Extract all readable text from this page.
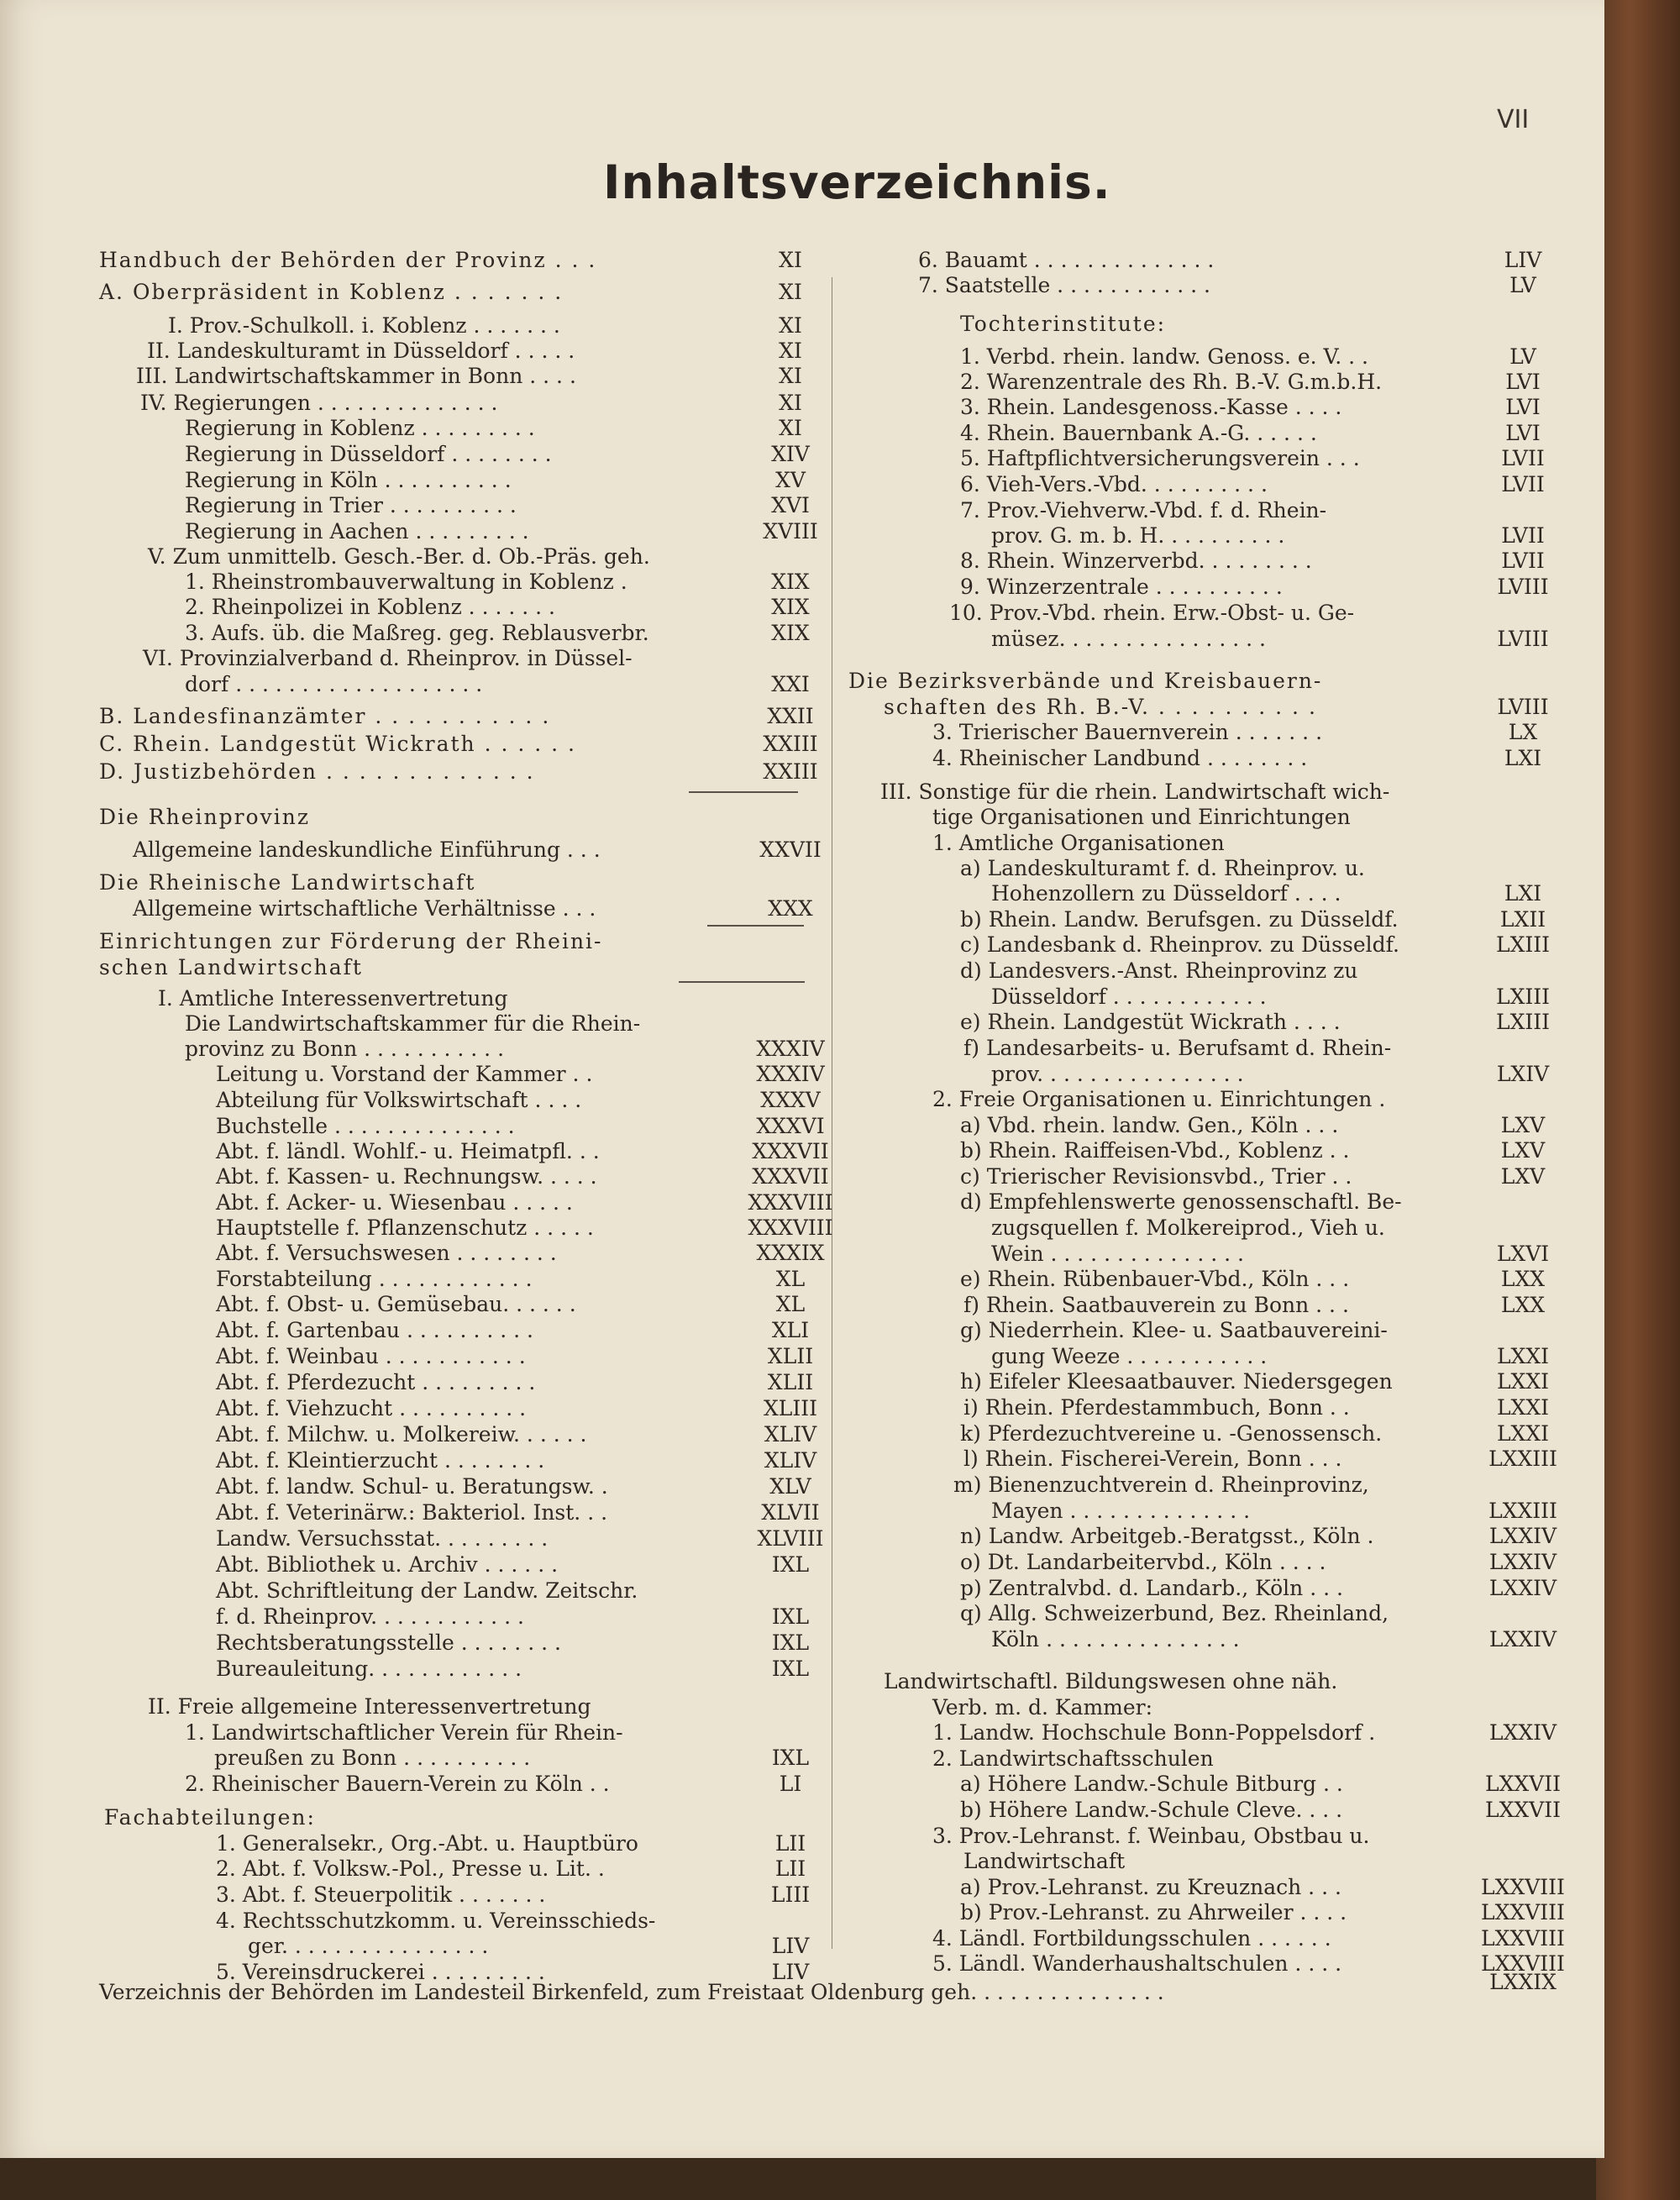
VII
Inhaltsverzeichnis.
Handbuch der Behörden der Provinz . . .	XI
A. Oberpräsident in Koblenz . . . . . . .	XI
I. Prov.-Schulkoll. i. Koblenz . . . . . . .	XI
II. Landeskulturamt in Düsseldorf . . . . .	XI
III. Landwirtschaftskammer in Bonn . . . .	XI
IV. Regierungen . . . . . . . . . . . . . .	XI
Regierung in Koblenz . . . . . . . . .	XI
Regierung in Düsseldorf . . . . . . . .	XIV
Regierung in Köln . . . . . . . . . .	XV
Regierung in Trier . . . . . . . . . .	XVI
Regierung in Aachen . . . . . . . . .	XVIII
V. Zum unmittelb. Gesch.-Ber. d. Ob.-Präs. geh.
1. Rheinstrombauverwaltung in Koblenz .	XIX
2. Rheinpolizei in Koblenz . . . . . . .	XIX
3. Aufs. üb. die Maßreg. geg. Reblausverbr.	XIX
VI. Provinzialverband d. Rheinprov. in Düssel-
dorf . . . . . . . . . . . . . . . . . . .	XXI
B. Landesfinanzämter . . . . . . . . . . .	XXII
C. Rhein. Landgestüt Wickrath . . . . . .	XXIII
D. Justizbehörden . . . . . . . . . . . . .	XXIII
Die Rheinprovinz
Allgemeine landeskundliche Einführung . . .	XXVII
Die Rheinische Landwirtschaft
Allgemeine wirtschaftliche Verhältnisse . . .	XXX
Einrichtungen zur Förderung der Rheini-
schen Landwirtschaft
I. Amtliche Interessenvertretung
Die Landwirtschaftskammer für die Rhein-
provinz zu Bonn . . . . . . . . . . .	XXXIV
Leitung u. Vorstand der Kammer . .	XXXIV
Abteilung für Volkswirtschaft . . . .	XXXV
Buchstelle . . . . . . . . . . . . . .	XXXVI
Abt. f. ländl. Wohlf.- u. Heimatpfl. . .	XXXVII
Abt. f. Kassen- u. Rechnungsw. . . . .	XXXVII
Abt. f. Acker- u. Wiesenbau . . . . .	XXXVIII
Hauptstelle f. Pflanzenschutz . . . . .	XXXVIII
Abt. f. Versuchswesen . . . . . . . .	XXXIX
Forstabteilung . . . . . . . . . . . .	XL
Abt. f. Obst- u. Gemüsebau. . . . . .	XL
Abt. f. Gartenbau . . . . . . . . . .	XLI
Abt. f. Weinbau . . . . . . . . . . .	XLII
Abt. f. Pferdezucht . . . . . . . . .	XLII
Abt. f. Viehzucht . . . . . . . . . .	XLIII
Abt. f. Milchw. u. Molkereiw. . . . . .	XLIV
Abt. f. Kleintierzucht . . . . . . . .	XLIV
Abt. f. landw. Schul- u. Beratungsw. .	XLV
Abt. f. Veterinärw.: Bakteriol. Inst. . .	XLVII
Landw. Versuchsstat. . . . . . . . .	XLVIII
Abt. Bibliothek u. Archiv . . . . . .	IXL
Abt. Schriftleitung der Landw. Zeitschr.
f. d. Rheinprov. . . . . . . . . . . .	IXL
Rechtsberatungsstelle . . . . . . . .	IXL
Bureauleitung. . . . . . . . . . . .	IXL
II. Freie allgemeine Interessenvertretung
1. Landwirtschaftlicher Verein für Rhein-
preußen zu Bonn . . . . . . . . . .	IXL
2. Rheinischer Bauern-Verein zu Köln . .	LI
Fachabteilungen:
1. Generalsekr., Org.-Abt. u. Hauptbüro	LII
2. Abt. f. Volksw.-Pol., Presse u. Lit. .	LII
3. Abt. f. Steuerpolitik . . . . . . .	LIII
4. Rechtsschutzkomm. u. Vereinsschieds-
ger. . . . . . . . . . . . . . . .	LIV
5. Vereinsdruckerei . . . . . . . . .	LIV
6. Bauamt . . . . . . . . . . . . . .	LIV
7. Saatstelle . . . . . . . . . . . .	LV
Tochterinstitute:
1. Verbd. rhein. landw. Genoss. e. V. . .	LV
2. Warenzentrale des Rh. B.-V. G.m.b.H.	LVI
3. Rhein. Landesgenoss.-Kasse . . . .	LVI
4. Rhein. Bauernbank A.-G. . . . . .	LVI
5. Haftpflichtversicherungsverein . . .	LVII
6. Vieh-Vers.-Vbd. . . . . . . . . .	LVII
7. Prov.-Viehverw.-Vbd. f. d. Rhein-
prov. G. m. b. H. . . . . . . . . .	LVII
8. Rhein. Winzerverbd. . . . . . . . .	LVII
9. Winzerzentrale . . . . . . . . . .	LVIII
10. Prov.-Vbd. rhein. Erw.-Obst- u. Ge-
müsez. . . . . . . . . . . . . . . .	LVIII
Die Bezirksverbände und Kreisbauern-
schaften des Rh. B.-V. . . . . . . . . . .	LVIII
3. Trierischer Bauernverein . . . . . . .	LX
4. Rheinischer Landbund . . . . . . . .	LXI
III. Sonstige für die rhein. Landwirtschaft wich-
tige Organisationen und Einrichtungen
1. Amtliche Organisationen
a) Landeskulturamt f. d. Rheinprov. u.
Hohenzollern zu Düsseldorf . . . .	LXI
b) Rhein. Landw. Berufsgen. zu Düsseldf.	LXII
c) Landesbank d. Rheinprov. zu Düsseldf.	LXIII
d) Landesvers.-Anst. Rheinprovinz zu
Düsseldorf . . . . . . . . . . . .	LXIII
e) Rhein. Landgestüt Wickrath . . . .	LXIII
f) Landesarbeits- u. Berufsamt d. Rhein-
prov. . . . . . . . . . . . . . . .	LXIV
2. Freie Organisationen u. Einrichtungen .
a) Vbd. rhein. landw. Gen., Köln . . .	LXV
b) Rhein. Raiffeisen-Vbd., Koblenz . .	LXV
c) Trierischer Revisionsvbd., Trier . .	LXV
d) Empfehlenswerte genossenschaftl. Be-
zugsquellen f. Molkereiprod., Vieh u.
Wein . . . . . . . . . . . . . . .	LXVI
e) Rhein. Rübenbauer-Vbd., Köln . . .	LXX
f) Rhein. Saatbauverein zu Bonn . . .	LXX
g) Niederrhein. Klee- u. Saatbauvereini-
gung Weeze . . . . . . . . . . .	LXXI
h) Eifeler Kleesaatbauver. Niedersgegen	LXXI
i) Rhein. Pferdestammbuch, Bonn . .	LXXI
k) Pferdezuchtvereine u. -Genossensch.	LXXI
l) Rhein. Fischerei-Verein, Bonn . . .	LXXIII
m) Bienenzuchtverein d. Rheinprovinz,
Mayen . . . . . . . . . . . . . .	LXXIII
n) Landw. Arbeitgeb.-Beratgsst., Köln .	LXXIV
o) Dt. Landarbeitervbd., Köln . . . .	LXXIV
p) Zentralvbd. d. Landarb., Köln . . .	LXXIV
q) Allg. Schweizerbund, Bez. Rheinland,
Köln . . . . . . . . . . . . . . .	LXXIV
Landwirtschaftl. Bildungswesen ohne näh.
Verb. m. d. Kammer:
1. Landw. Hochschule Bonn-Poppelsdorf .	LXXIV
2. Landwirtschaftsschulen
a) Höhere Landw.-Schule Bitburg . .	LXXVII
b) Höhere Landw.-Schule Cleve. . . .	LXXVII
3. Prov.-Lehranst. f. Weinbau, Obstbau u.
Landwirtschaft
a) Prov.-Lehranst. zu Kreuznach . . .	LXXVIII
b) Prov.-Lehranst. zu Ahrweiler . . . .	LXXVIII
4. Ländl. Fortbildungsschulen . . . . . .	LXXVIII
5. Ländl. Wanderhaushaltschulen . . . .	LXXVIII
Verzeichnis der Behörden im Landesteil Birkenfeld, zum Freistaat Oldenburg geh. . . . . . . . . . . . . . .	LXXIX
